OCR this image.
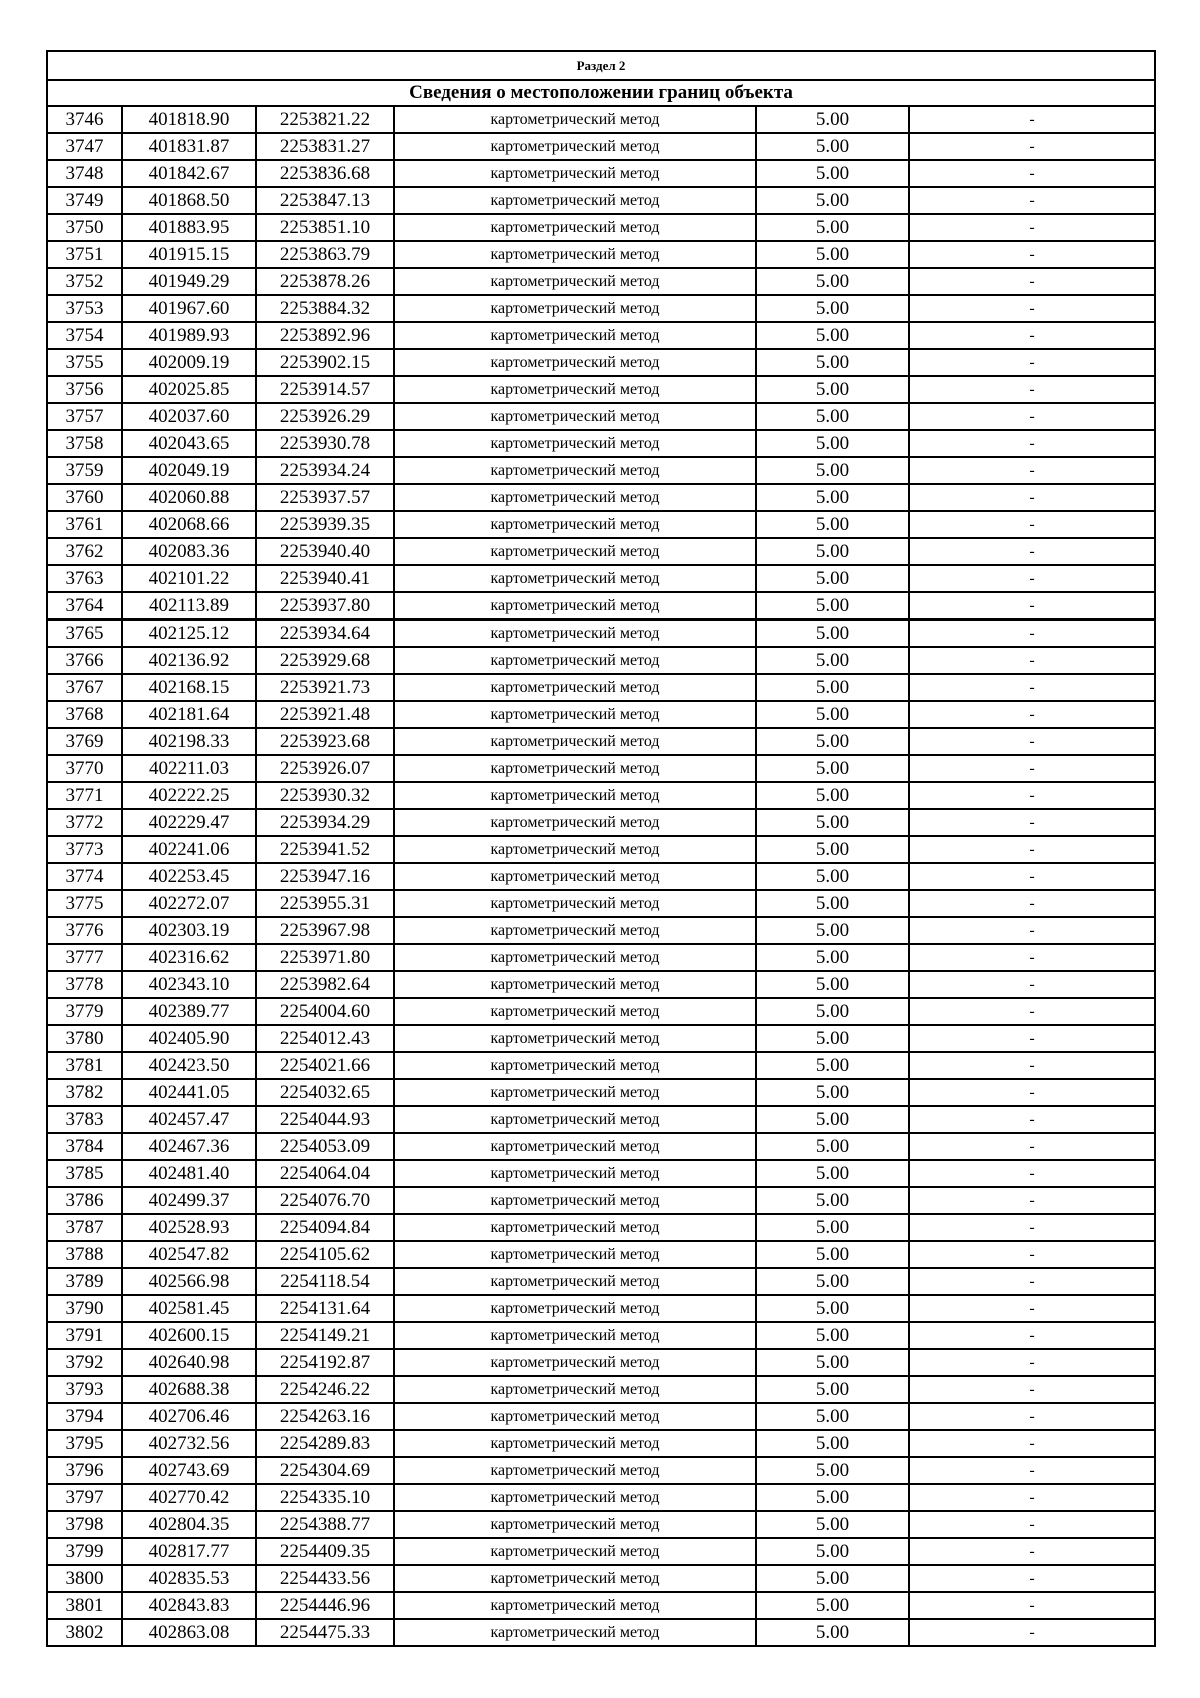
Раздел 2					
Сведения о местоположении границ объекта					
3746	401818.90	2253821.22	картометрический метод	5.00	-
3747	401831.87	2253831.27	картометрический метод	5.00	-
3748	401842.67	2253836.68	картометрический метод	5.00	-
3749	401868.50	2253847.13	картометрический метод	5.00	-
3750	401883.95	2253851.10	картометрический метод	5.00	-
3751	401915.15	2253863.79	картометрический метод	5.00	-
3752	401949.29	2253878.26	картометрический метод	5.00	-
3753	401967.60	2253884.32	картометрический метод	5.00	-
3754	401989.93	2253892.96	картометрический метод	5.00	-
3755	402009.19	2253902.15	картометрический метод	5.00	-
3756	402025.85	2253914.57	картометрический метод	5.00	-
3757	402037.60	2253926.29	картометрический метод	5.00	-
3758	402043.65	2253930.78	картометрический метод	5.00	-
3759	402049.19	2253934.24	картометрический метод	5.00	-
3760	402060.88	2253937.57	картометрический метод	5.00	-
3761	402068.66	2253939.35	картометрический метод	5.00	-
3762	402083.36	2253940.40	картометрический метод	5.00	-
3763	402101.22	2253940.41	картометрический метод	5.00	-
3764	402113.89	2253937.80	картометрический метод	5.00	-
3765	402125.12	2253934.64	картометрический метод	5.00	-
3766	402136.92	2253929.68	картометрический метод	5.00	-
3767	402168.15	2253921.73	картометрический метод	5.00	-
3768	402181.64	2253921.48	картометрический метод	5.00	-
3769	402198.33	2253923.68	картометрический метод	5.00	-
3770	402211.03	2253926.07	картометрический метод	5.00	-
3771	402222.25	2253930.32	картометрический метод	5.00	-
3772	402229.47	2253934.29	картометрический метод	5.00	-
3773	402241.06	2253941.52	картометрический метод	5.00	-
3774	402253.45	2253947.16	картометрический метод	5.00	-
3775	402272.07	2253955.31	картометрический метод	5.00	-
3776	402303.19	2253967.98	картометрический метод	5.00	-
3777	402316.62	2253971.80	картометрический метод	5.00	-
3778	402343.10	2253982.64	картометрический метод	5.00	-
3779	402389.77	2254004.60	картометрический метод	5.00	-
3780	402405.90	2254012.43	картометрический метод	5.00	-
3781	402423.50	2254021.66	картометрический метод	5.00	-
3782	402441.05	2254032.65	картометрический метод	5.00	-
3783	402457.47	2254044.93	картометрический метод	5.00	-
3784	402467.36	2254053.09	картометрический метод	5.00	-
3785	402481.40	2254064.04	картометрический метод	5.00	-
3786	402499.37	2254076.70	картометрический метод	5.00	-
3787	402528.93	2254094.84	картометрический метод	5.00	-
3788	402547.82	2254105.62	картометрический метод	5.00	-
3789	402566.98	2254118.54	картометрический метод	5.00	-
3790	402581.45	2254131.64	картометрический метод	5.00	-
3791	402600.15	2254149.21	картометрический метод	5.00	-
3792	402640.98	2254192.87	картометрический метод	5.00	-
3793	402688.38	2254246.22	картометрический метод	5.00	-
3794	402706.46	2254263.16	картометрический метод	5.00	-
3795	402732.56	2254289.83	картометрический метод	5.00	-
3796	402743.69	2254304.69	картометрический метод	5.00	-
3797	402770.42	2254335.10	картометрический метод	5.00	-
3798	402804.35	2254388.77	картометрический метод	5.00	-
3799	402817.77	2254409.35	картометрический метод	5.00	-
3800	402835.53	2254433.56	картометрический метод	5.00	-
3801	402843.83	2254446.96	картометрический метод	5.00	-
3802	402863.08	2254475.33	картометрический метод	5.00	-
